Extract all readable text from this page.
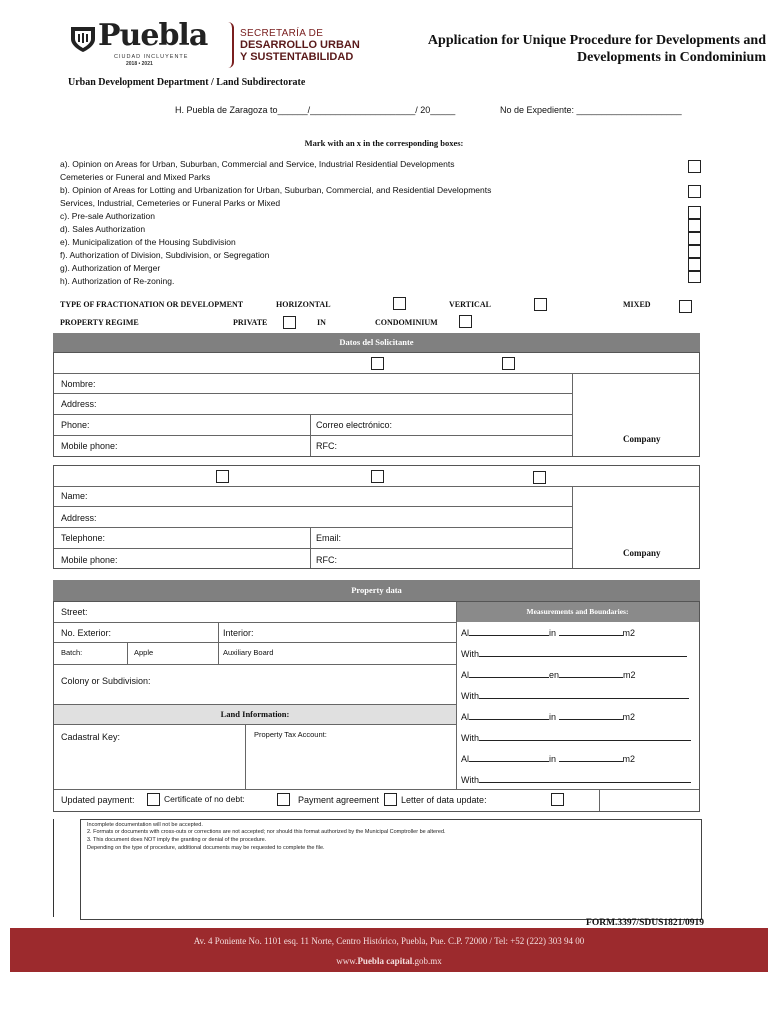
Puebla
CIUDAD INCLUYENTE
2018 • 2021
SECRETARÍA DE
DESARROLLO URBAN
Y SUSTENTABILIDAD
Application for Unique Procedure for Developments and Developments in Condominium
Urban Development Department / Land Subdirectorate
H. Puebla de Zaragoza to______/_____________________/ 20_____	No de Expediente: _____________________
Mark with an x in the corresponding boxes:
a). Opinion on Areas for Urban, Suburban, Commercial and Service, Industrial Residential Developments
Cemeteries or Funeral and Mixed Parks
b). Opinion of Areas for Lotting and Urbanization for Urban, Suburban, Commercial, and Residential Developments
Services, Industrial, Cemeteries or Funeral Parks or Mixed
c). Pre-sale Authorization
d). Sales Authorization
e). Municipalization of the Housing Subdivision
f). Authorization of Division, Subdivision, or Segregation
g). Authorization of Merger
h). Authorization of Re-zoning.
TYPE OF FRACTIONATION OR DEVELOPMENT	HORIZONTAL	VERTICAL	MIXED
PROPERTY REGIME	PRIVATE	IN	CONDOMINIUM
Datos del Solicitante
Nombre:
Address:
Phone:	Correo electrónico:
Mobile phone:	RFC:
Company
Name:
Address:
Telephone:	Email:
Mobile phone:	RFC:
Company
Property data
Measurements and Boundaries:
Street:
No. Exterior:	Interior:
Batch:	Apple	Auxiliary Board
Colony or Subdivision:
Land Information:
Cadastral Key:	Property Tax Account:
Al	in	m2
With
Al	en	m2
With
Al	in	m2
With
Al	in	m2
With
Updated payment:	Certificate of no debt:	Payment agreement Letter of data update:
Incomplete documentation will not be accepted.
2. Formats or documents with cross-outs or corrections are not accepted; nor should this format authorized by the Municipal Comptroller be altered.
3. This document does NOT imply the granting or denial of the procedure.
Depending on the type of procedure, additional documents may be requested to complete the file.
FORM.3397/SDUS1821/0919
Av. 4 Poniente No. 1101 esq. 11 Norte, Centro Histórico, Puebla, Pue. C.P. 72000 / Tel: +52 (222) 303 94 00
www.Puebla capital.gob.mx
